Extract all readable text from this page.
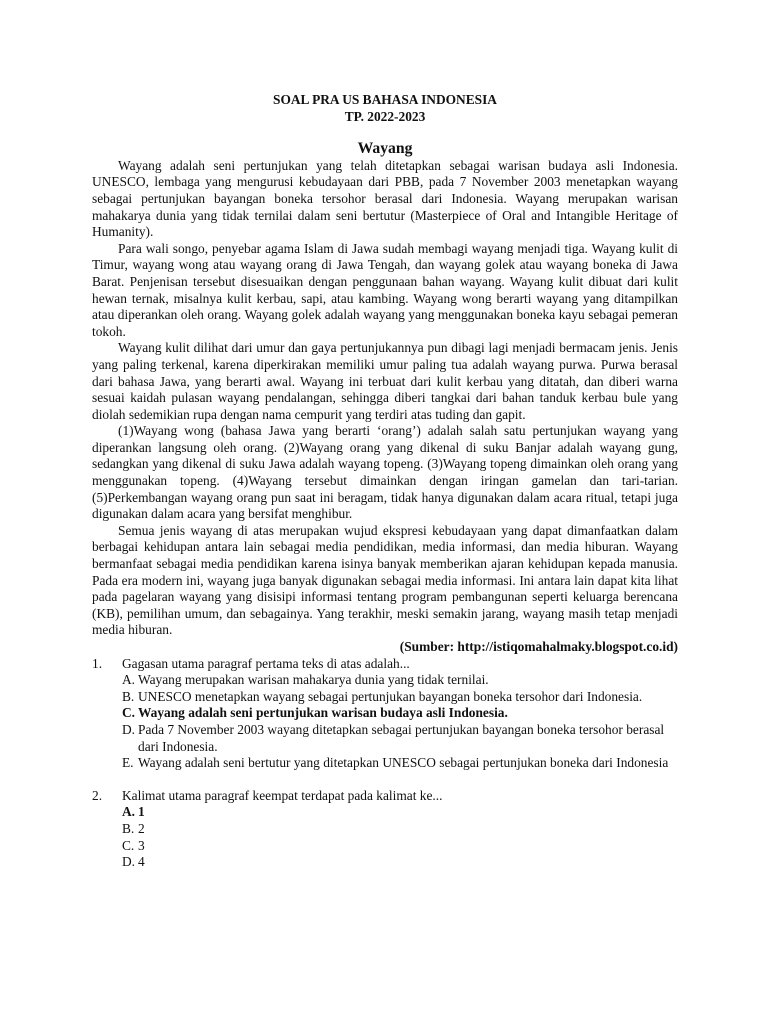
SOAL PRA US BAHASA INDONESIA
TP. 2022-2023
Wayang

Wayang adalah seni pertunjukan yang telah ditetapkan sebagai warisan budaya asli Indonesia. UNESCO, lembaga yang mengurusi kebudayaan dari PBB, pada 7 November 2003 menetapkan wayang sebagai pertunjukan bayangan boneka tersohor berasal dari Indonesia. Wayang merupakan warisan mahakarya dunia yang tidak ternilai dalam seni bertutur (Masterpiece of Oral and Intangible Heritage of Humanity).

Para wali songo, penyebar agama Islam di Jawa sudah membagi wayang menjadi tiga. Wayang kulit di Timur, wayang wong atau wayang orang di Jawa Tengah, dan wayang golek atau wayang boneka di Jawa Barat. Penjenisan tersebut disesuaikan dengan penggunaan bahan wayang. Wayang kulit dibuat dari kulit hewan ternak, misalnya kulit kerbau, sapi, atau kambing. Wayang wong berarti wayang yang ditampilkan atau diperankan oleh orang. Wayang golek adalah wayang yang menggunakan boneka kayu sebagai pemeran tokoh.

Wayang kulit dilihat dari umur dan gaya pertunjukannya pun dibagi lagi menjadi bermacam jenis. Jenis yang paling terkenal, karena diperkirakan memiliki umur paling tua adalah wayang purwa. Purwa berasal dari bahasa Jawa, yang berarti awal. Wayang ini terbuat dari kulit kerbau yang ditatah, dan diberi warna sesuai kaidah pulasan wayang pendalangan, sehingga diberi tangkai dari bahan tanduk kerbau bule yang diolah sedemikian rupa dengan nama cempurit yang terdiri atas tuding dan gapit.

(1)Wayang wong (bahasa Jawa yang berarti ‘orang’) adalah salah satu pertunjukan wayang yang diperankan langsung oleh orang. (2)Wayang orang yang dikenal di suku Banjar adalah wayang gung, sedangkan yang dikenal di suku Jawa adalah wayang topeng. (3)Wayang topeng dimainkan oleh orang yang menggunakan topeng. (4)Wayang tersebut dimainkan dengan iringan gamelan dan tari-tarian. (5)Perkembangan wayang orang pun saat ini beragam, tidak hanya digunakan dalam acara ritual, tetapi juga digunakan dalam acara yang bersifat menghibur.

Semua jenis wayang di atas merupakan wujud ekspresi kebudayaan yang dapat dimanfaatkan dalam berbagai kehidupan antara lain sebagai media pendidikan, media informasi, dan media hiburan. Wayang bermanfaat sebagai media pendidikan karena isinya banyak memberikan ajaran kehidupan kepada manusia. Pada era modern ini, wayang juga banyak digunakan sebagai media informasi. Ini antara lain dapat kita lihat pada pagelaran wayang yang disisipi informasi tentang program pembangunan seperti keluarga berencana (KB), pemilihan umum, dan sebagainya. Yang terakhir, meski semakin jarang, wayang masih tetap menjadi media hiburan.

(Sumber: http://istiqomahalmaky.blogspot.co.id)

1. Gagasan utama paragraf pertama teks di atas adalah...
A. Wayang merupakan warisan mahakarya dunia yang tidak ternilai.
B. UNESCO menetapkan wayang sebagai pertunjukan bayangan boneka tersohor dari Indonesia.
C. Wayang adalah seni pertunjukan warisan budaya asli Indonesia.
D. Pada 7 November 2003 wayang ditetapkan sebagai pertunjukan bayangan boneka tersohor berasal dari Indonesia.
E. Wayang adalah seni bertutur yang ditetapkan UNESCO sebagai pertunjukan boneka dari Indonesia
2. Kalimat utama paragraf keempat terdapat pada kalimat ke...
A. 1
B. 2
C. 3
D. 4
